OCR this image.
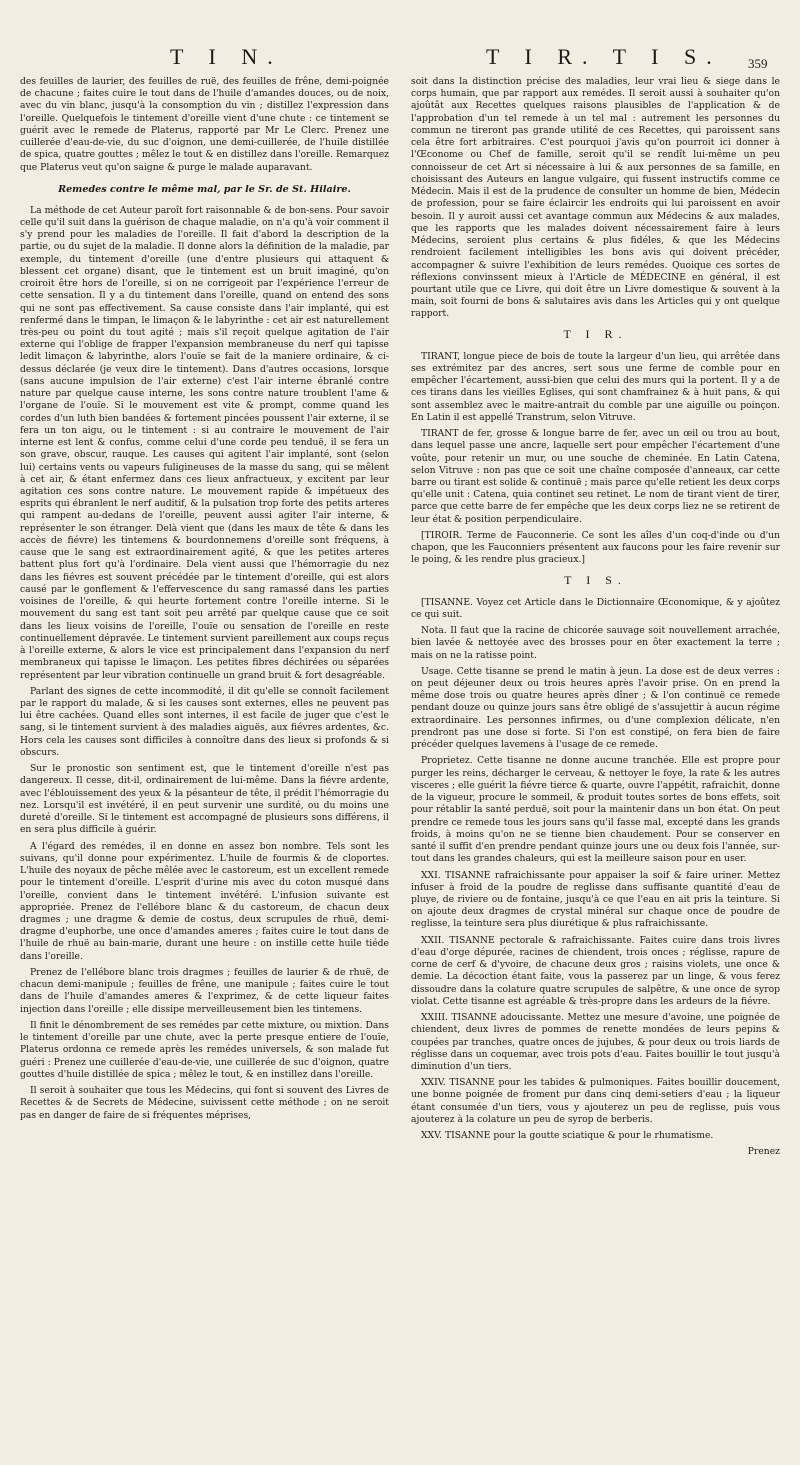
T I N.	T I R. T I S. 359

des feuilles de laurier, des feuilles de ruë, des feuilles de frêne, demi-poignée de chacune ; faites cuire le tout dans de l'huile d'amandes douces, ou de noix, avec du vin blanc, jusqu'à la consomption du vin ; distillez l'expression dans l'oreille. Quelquefois le tintement d'oreille vient d'une chute : ce tintement se guérit avec le remede de Platerus, rapporté par Mr Le Clerc. Prenez une cuillerée d'eau-de-vie, du suc d'oignon, une demi-cuillerée, de l'huile distillée de spica, quatre gouttes ; mêlez le tout & en distillez dans l'oreille. Remarquez que Platerus veut qu'on saigne & purge le malade auparavant.

Remedes contre le même mal, par le Sr. de St. Hilaire.

La méthode de cet Auteur paroît fort raisonnable & de bon-sens. Pour savoir celle qu'il suit dans la guérison de chaque maladie, on n'a qu'à voir comment il s'y prend pour les maladies de l'oreille. Il fait d'abord la description de la partie, ou du sujet de la maladie. Il donne alors la définition de la maladie, par exemple, du tintement d'oreille (une d'entre plusieurs qui attaquent & blessent cet organe) disant, que le tintement est un bruit imaginé, qu'on croiroit être hors de l'oreille, si on ne corrigeoit par l'expérience l'erreur de cette sensation. Il y a du tintement dans l'oreille, quand on entend des sons qui ne sont pas effectivement. Sa cause consiste dans l'air implanté, qui est renfermé dans le timpan, le limaçon & le labyrinthe : cet air est naturellement très-peu ou point du tout agité ; mais s'il reçoit quelque agitation de l'air externe qui l'oblige de frapper l'expansion membraneuse du nerf qui tapisse ledit limaçon & labyrinthe, alors l'ouïe se fait de la maniere ordinaire, & ci-dessus déclarée (je veux dire le tintement). Dans d'autres occasions, lorsque (sans aucune impulsion de l'air externe) c'est l'air interne ébranlé contre nature par quelque cause interne, les sons contre nature troublent l'ame & l'organe de l'ouïe. Si le mouvement est vite & prompt, comme quand les cordes d'un luth bien bandées & fortement pincées poussent l'air externe, il se fera un ton aigu, ou le tintement : si au contraire le mouvement de l'air interne est lent & confus, comme celui d'une corde peu tenduë, il se fera un son grave, obscur, rauque. Les causes qui agitent l'air implanté, sont (selon lui) certains vents ou vapeurs fuligineuses de la masse du sang, qui se mêlent à cet air, & étant enfermez dans ces lieux anfractueux, y excitent par leur agitation ces sons contre nature. Le mouvement rapide & impétueux des esprits qui ébranlent le nerf auditif, & la pulsation trop forte des petits arteres qui rampent au-dedans de l'oreille, peuvent aussi agiter l'air interne, & représenter le son étranger. Delà vient que (dans les maux de tête & dans les accès de fiévre) les tintemens & bourdonnemens d'oreille sont fréquens, à cause que le sang est extraordinairement agité, & que les petites arteres battent plus fort qu'à l'ordinaire. Dela vient aussi que l'hémorragie du nez dans les fiévres est souvent précédée par le tintement d'oreille, qui est alors causé par le gonflement & l'effervescence du sang ramassé dans les parties voisines de l'oreille, & qui heurte fortement contre l'oreille interne. Si le mouvement du sang est tant soit peu arrêté par quelque cause que ce soit dans les lieux voisins de l'oreille, l'ouïe ou sensation de l'oreille en reste continuellement dépravée. Le tintement survient pareillement aux coups reçus à l'oreille externe, & alors le vice est principalement dans l'expansion du nerf membraneux qui tapisse le limaçon. Les petites fibres déchirées ou séparées représentent par leur vibration continuelle un grand bruit & fort desagréable.

Parlant des signes de cette incommodité, il dit qu'elle se connoît facilement par le rapport du malade, & si les causes sont externes, elles ne peuvent pas lui être cachées. Quand elles sont internes, il est facile de juger que c'est le sang, si le tintement survient à des maladies aiguës, aux fiévres ardentes, &c. Hors cela les causes sont difficiles à connoître dans des lieux si profonds & si obscurs.

Sur le pronostic son sentiment est, que le tintement d'oreille n'est pas dangereux. Il cesse, dit-il, ordinairement de lui-même. Dans la fiévre ardente, avec l'éblouissement des yeux & la pésanteur de tête, il prédit l'hémorragie du nez. Lorsqu'il est invétéré, il en peut survenir une surdité, ou du moins une dureté d'oreille. Si le tintement est accompagné de plusieurs sons différens, il en sera plus difficile à guérir.

A l'égard des remédes, il en donne en assez bon nombre. Tels sont les suivans, qu'il donne pour expérimentez. L'huile de fourmis & de cloportes. L'huile des noyaux de pêche mêlée avec le castoreum, est un excellent remede pour le tintement d'oreille. L'esprit d'urine mis avec du coton musqué dans l'oreille, convient dans le tintement invétéré. L'infusion suivante est appropriée. Prenez de l'ellébore blanc & du castoreum, de chacun deux dragmes ; une dragme & demie de costus, deux scrupules de rhuë, demi-dragme d'euphorbe, une once d'amandes ameres ; faites cuire le tout dans de l'huile de rhuë au bain-marie, durant une heure : on instille cette huile tiéde dans l'oreille.

Prenez de l'ellébore blanc trois dragmes ; feuilles de laurier & de rhuë, de chacun demi-manipule ; feuilles de frêne, une manipule ; faites cuire le tout dans de l'huile d'amandes ameres & l'exprimez, & de cette liqueur faites injection dans l'oreille ; elle dissipe merveilleusement bien les tintemens.

Il finit le dénombrement de ses remédes par cette mixture, ou mixtion. Dans le tintement d'oreille par une chute, avec la perte presque entiere de l'ouïe, Platerus ordonna ce remede après les remédes universels, & son malade fut guéri : Prenez une cuillerée d'eau-de-vie, une cuillerée de suc d'oignon, quatre gouttes d'huile distillée de spica ; mêlez le tout, & en instillez dans l'oreille.

Il seroit à souhaiter que tous les Médecins, qui font si souvent des Livres de Recettes & de Secrets de Médecine, suivissent cette méthode ; on ne seroit pas en danger de faire de si fréquentes méprises,

soit dans la distinction précise des maladies, leur vrai lieu & siege dans le corps humain, que par rapport aux remédes. Il seroit aussi à souhaiter qu'on ajoûtât aux Recettes quelques raisons plausibles de l'application & de l'approbation d'un tel remede à un tel mal : autrement les personnes du commun ne tireront pas grande utilité de ces Recettes, qui paroissent sans cela être fort arbitraires. C'est pourquoi j'avis qu'on pourroit ici donner à l'Œconome ou Chef de famille, seroit qu'il se rendît lui-même un peu connoisseur de cet Art si nécessaire à lui & aux personnes de sa famille, en choisissant des Auteurs en langue vulgaire, qui fussent instructifs comme ce Médecin. Mais il est de la prudence de consulter un homme de bien, Médecin de profession, pour se faire éclaircir les endroits qui lui paroissent en avoir besoin. Il y auroit aussi cet avantage commun aux Médecins & aux malades, que les rapports que les malades doivent nécessairement faire à leurs Médecins, seroient plus certains & plus fidéles, & que les Médecins rendroient facilement intelligibles les bons avis qui doivent précéder, accompagner & suivre l'exhibition de leurs remédes. Quoique ces sortes de réflexions convinssent mieux à l'Article de MÉDECINE en général, il est pourtant utile que ce Livre, qui doit être un Livre domestique & souvent à la main, soit fourni de bons & salutaires avis dans les Articles qui y ont quelque rapport.

T I R.

TIRANT, longue piece de bois de toute la largeur d'un lieu, qui arrêtée dans ses extrémitez par des ancres, sert sous une ferme de comble pour en empêcher l'écartement, aussi-bien que celui des murs qui la portent. Il y a de ces tirans dans les vieilles Eglises, qui sont chamfrainez & à huit pans, & qui sont assemblez avec le maitre-antrait du comble par une aiguille ou poinçon. En Latin il est appellé Transtrum, selon Vitruve.

TIRANT de fer, grosse & longue barre de fer, avec un œil ou trou au bout, dans lequel passe une ancre, laquelle sert pour empêcher l'écartement d'une voûte, pour retenir un mur, ou une souche de cheminée. En Latin Catena, selon Vitruve : non pas que ce soit une chaîne composée d'anneaux, car cette barre ou tirant est solide & continuë ; mais parce qu'elle retient les deux corps qu'elle unit : Catena, quia continet seu retinet. Le nom de tirant vient de tirer, parce que cette barre de fer empêche que les deux corps liez ne se retirent de leur état & position perpendiculaire.

[TIROIR. Terme de Fauconnerie. Ce sont les aîles d'un coq-d'inde ou d'un chapon, que les Fauconniers présentent aux faucons pour les faire revenir sur le poing, & les rendre plus gracieux.]

T I S.

[TISANNE. Voyez cet Article dans le Dictionnaire Œconomique, & y ajoûtez ce qui suit.

Nota. Il faut que la racine de chicorée sauvage soit nouvellement arrachée, bien lavée & nettoyée avec des brosses pour en ôter exactement la terre ; mais on ne la ratisse point.

Usage. Cette tisanne se prend le matin à jeun. La dose est de deux verres : on peut déjeuner deux ou trois heures après l'avoir prise. On en prend la même dose trois ou quatre heures après dîner ; & l'on continuë ce remede pendant douze ou quinze jours sans être obligé de s'assujettir à aucun régime extraordinaire. Les personnes infirmes, ou d'une complexion délicate, n'en prendront pas une dose si forte. Si l'on est constipé, on fera bien de faire précéder quelques lavemens à l'usage de ce remede.

Proprietez. Cette tisanne ne donne aucune tranchée. Elle est propre pour purger les reins, décharger le cerveau, & nettoyer le foye, la rate & les autres visceres ; elle guérit la fiévre tierce & quarte, ouvre l'appétit, rafraichit, donne de la vigueur, procure le sommeil, & produit toutes sortes de bons effets, soit pour rétablir la santé perduë, soit pour la maintenir dans un bon état. On peut prendre ce remede tous les jours sans qu'il fasse mal, excepté dans les grands froids, à moins qu'on ne se tienne bien chaudement. Pour se conserver en santé il suffit d'en prendre pendant quinze jours une ou deux fois l'année, sur-tout dans les grandes chaleurs, qui est la meilleure saison pour en user.

XXI. TISANNE rafraichissante pour appaiser la soif & faire uriner. Mettez infuser à froid de la poudre de reglisse dans suffisante quantité d'eau de pluye, de riviere ou de fontaine, jusqu'à ce que l'eau en ait pris la teinture. Si on ajoute deux dragmes de crystal minéral sur chaque once de poudre de reglisse, la teinture sera plus diurétique & plus rafraichissante.

XXII. TISANNE pectorale & rafraichissante. Faites cuire dans trois livres d'eau d'orge dépurée, racines de chiendent, trois onces ; réglisse, rapure de corne de cerf & d'yvoire, de chacune deux gros ; raisins violets, une once & demie. La décoction étant faite, vous la passerez par un linge, & vous ferez dissoudre dans la colature quatre scrupules de salpêtre, & une once de syrop violat. Cette tisanne est agréable & très-propre dans les ardeurs de la fiévre.

XXIII. TISANNE adoucissante. Mettez une mesure d'avoine, une poignée de chiendent, deux livres de pommes de renette mondées de leurs pepins & coupées par tranches, quatre onces de jujubes, & pour deux ou trois liards de réglisse dans un coquemar, avec trois pots d'eau. Faites bouillir le tout jusqu'à diminution d'un tiers.

XXIV. TISANNE pour les tabides & pulmoniques. Faites bouillir doucement, une bonne poignée de froment pur dans cinq demi-setiers d'eau ; la liqueur étant consumée d'un tiers, vous y ajouterez un peu de reglisse, puis vous ajouterez à la colature un peu de syrop de berberis.

XXV. TISANNE pour la goutte sciatique & pour le rhumatisme.

Prenez
